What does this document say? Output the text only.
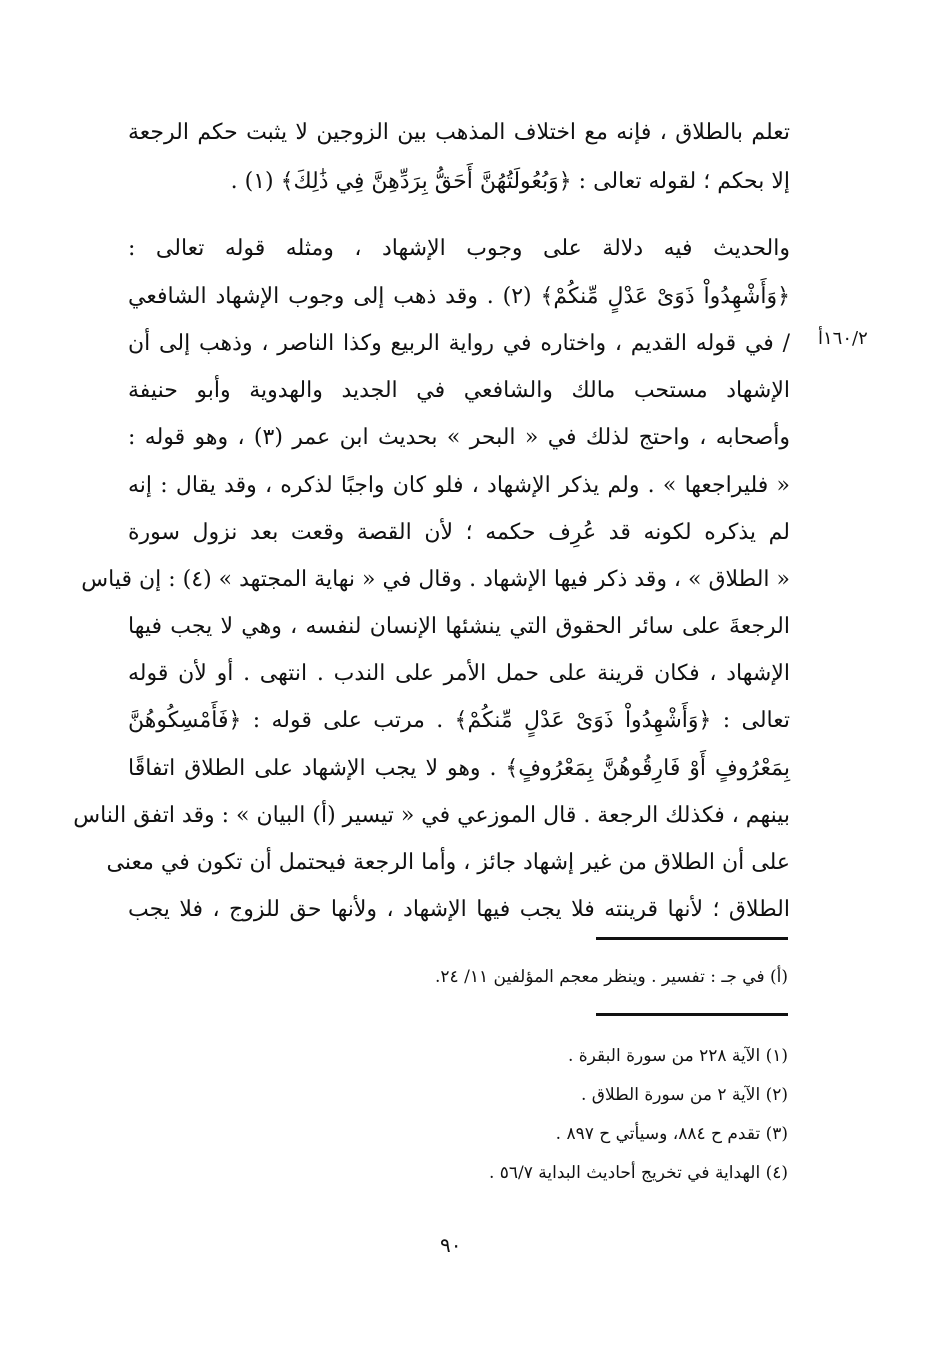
١٦٠/٢أ
تعلم بالطلاق ، فإنه مع اختلاف المذهب بين الزوجين لا يثبت حكم الرجعة
إلا بحكم ؛ لقوله تعالى : ﴿وَبُعُولَتُهُنَّ أَحَقُّ بِرَدِّهِنَّ فِي ذَٰلِكَ﴾ (١) .
والحديث فيه دلالة على وجوب الإشهاد ، ومثله قوله تعالى :
﴿وَأَشْهِدُواْ ذَوَىْ عَدْلٍ مِّنكُمْ﴾ (٢) . وقد ذهب إلى وجوب الإشهاد الشافعي
/ في قوله القديم ، واختاره في رواية الربيع وكذا الناصر ، وذهب إلى أن
الإشهاد مستحب مالك والشافعي في الجديد والهدوية وأبو حنيفة
وأصحابه ، واحتج لذلك في « البحر » بحديث ابن عمر (٣) ، وهو قوله :
« فليراجعها » . ولم يذكر الإشهاد ، فلو كان واجبًا لذكره ، وقد يقال : إنه
لم يذكره لكونه قد عُرِف حكمه ؛ لأن القصة وقعت بعد نزول سورة
« الطلاق » ، وقد ذكر فيها الإشهاد . وقال في « نهاية المجتهد » (٤) : إن قياس
الرجعةَ على سائر الحقوق التي ينشئها الإنسان لنفسه ، وهي لا يجب فيها
الإشهاد ، فكان قرينة على حمل الأمر على الندب . انتهى . أو لأن قوله
تعالى : ﴿وَأَشْهِدُواْ ذَوَىْ عَدْلٍ مِّنكُمْ﴾ . مرتب على قوله : ﴿فَأَمْسِكُوهُنَّ
بِمَعْرُوفٍ أَوْ فَارِقُوهُنَّ بِمَعْرُوفٍ﴾ . وهو لا يجب الإشهاد على الطلاق اتفاقًا
بينهم ، فكذلك الرجعة . قال الموزعي في « تيسير (أ) البيان » : وقد اتفق الناس
على أن الطلاق من غير إشهاد جائز ، وأما الرجعة فيحتمل أن تكون في معنى
الطلاق ؛ لأنها قرينته فلا يجب فيها الإشهاد ، ولأنها حق للزوج ، فلا يجب
(أ) في جـ : تفسير . وينظر معجم المؤلفين ١١/ ٢٤.
(١) الآية ٢٢٨ من سورة البقرة .
(٢) الآية ٢ من سورة الطلاق .
(٣) تقدم ح ٨٨٤، وسيأتي ح ٨٩٧ .
(٤) الهداية في تخريج أحاديث البداية ٥٦/٧ .
٩٠
